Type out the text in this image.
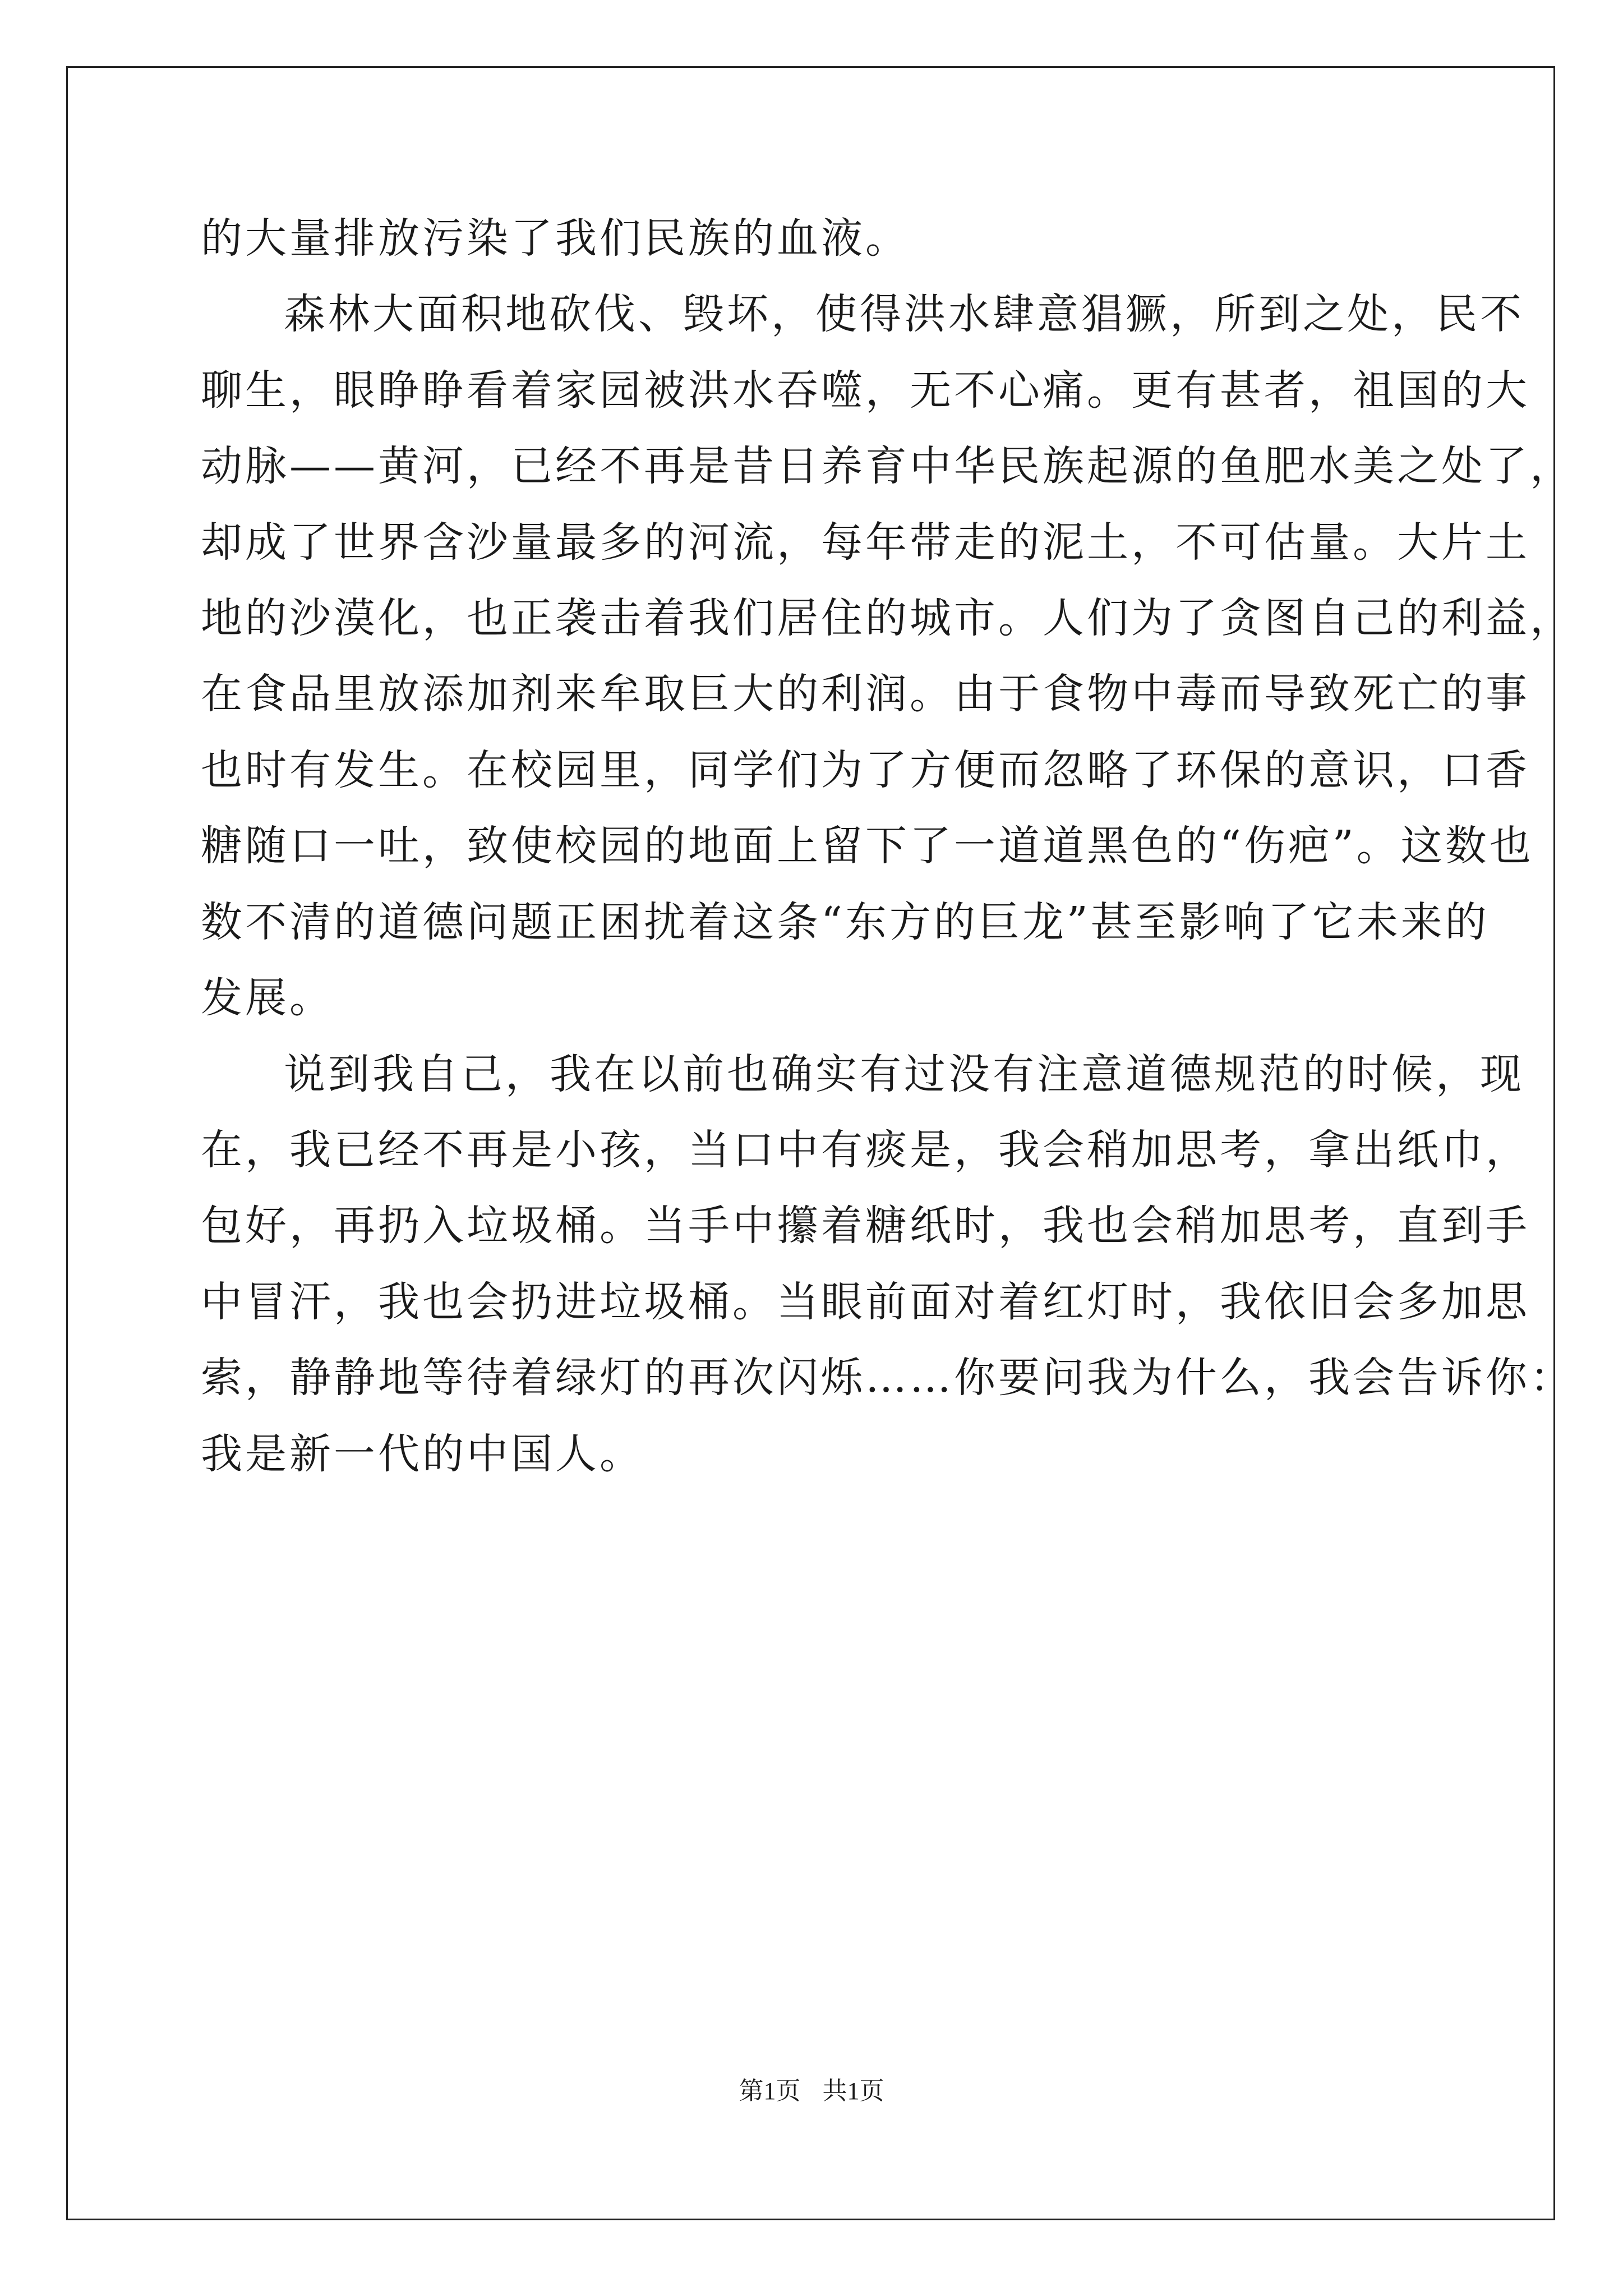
的大量排放污染了我们民族的血液。
森林大面积地砍伐、毁坏，使得洪水肆意猖獗，所到之处，民不
聊生，眼睁睁看着家园被洪水吞噬，无不心痛。更有甚者，祖国的大
动脉——黄河，已经不再是昔日养育中华民族起源的鱼肥水美之处了，
却成了世界含沙量最多的河流，每年带走的泥土，不可估量。大片土
地的沙漠化，也正袭击着我们居住的城市。人们为了贪图自己的利益，
在食品里放添加剂来牟取巨大的利润。由于食物中毒而导致死亡的事
也时有发生。在校园里，同学们为了方便而忽略了环保的意识，口香
糖随口一吐，致使校园的地面上留下了一道道黑色的“伤疤”。这数也
数不清的道德问题正困扰着这条“东方的巨龙”甚至影响了它未来的
发展。
说到我自己，我在以前也确实有过没有注意道德规范的时候，现
在，我已经不再是小孩，当口中有痰是，我会稍加思考，拿出纸巾，
包好，再扔入垃圾桶。当手中攥着糖纸时，我也会稍加思考，直到手
中冒汗，我也会扔进垃圾桶。当眼前面对着红灯时，我依旧会多加思
索，静静地等待着绿灯的再次闪烁……你要问我为什么，我会告诉你：
我是新一代的中国人。
第1页 共1页
